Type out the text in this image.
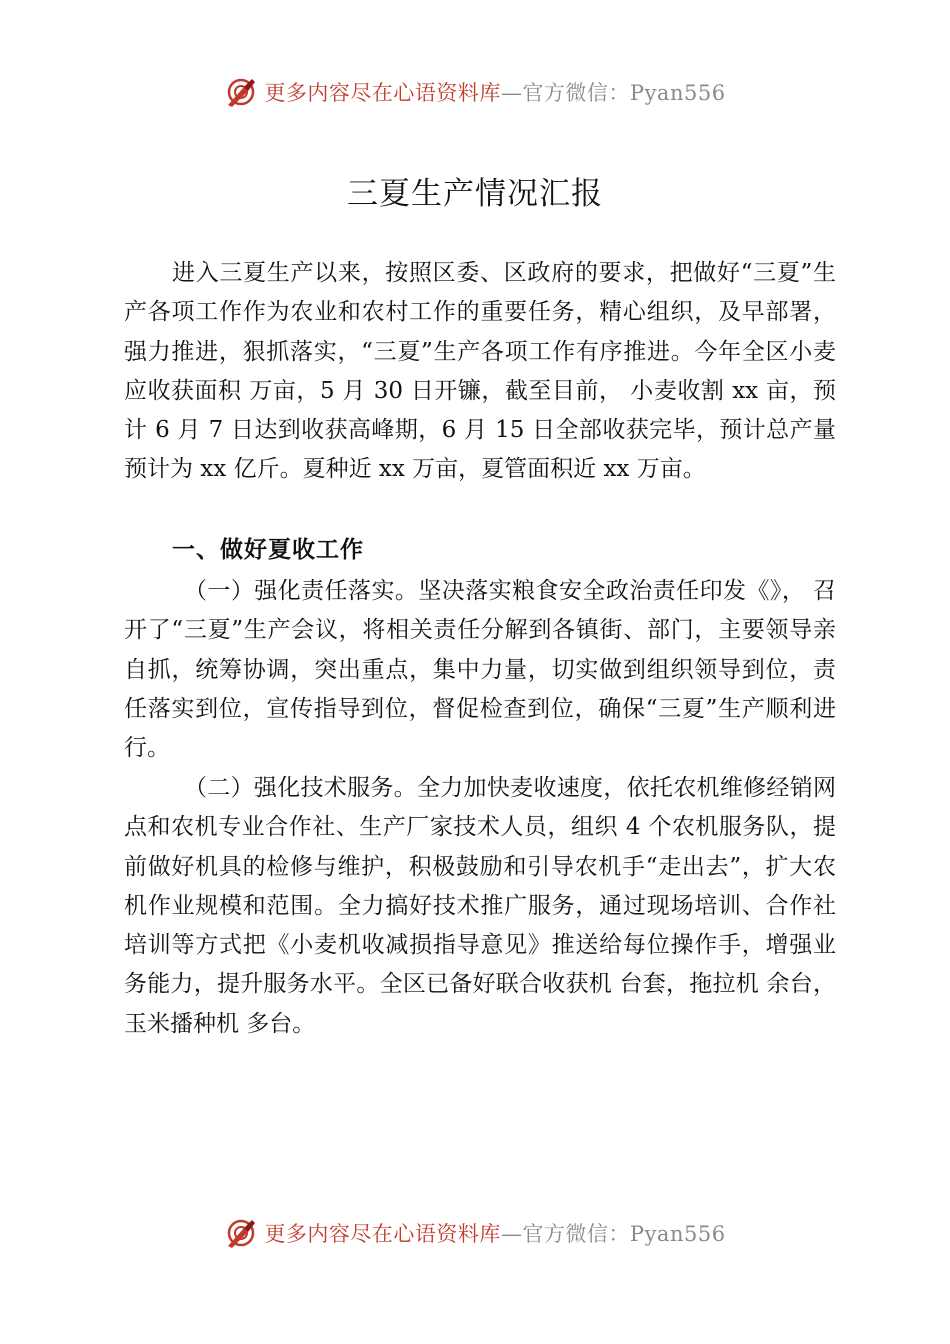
更多内容尽在心语资料库—官方微信：Pyan556
三夏生产情况汇报
进入三夏生产以来，按照区委、区政府的要求，把做好“三夏”生产各项工作作为农业和农村工作的重要任务，精心组织，及早部署，强力推进，狠抓落实，“三夏”生产各项工作有序推进。今年全区小麦应收获面积 万亩，5 月 30 日开镰，截至目前， 小麦收割 xx 亩，预计 6 月 7 日达到收获高峰期，6 月 15 日全部收获完毕，预计总产量预计为 xx 亿斤。夏种近 xx 万亩，夏管面积近 xx 万亩。
一、做好夏收工作
（一）强化责任落实。坚决落实粮食安全政治责任印发《》， 召开了“三夏”生产会议，将相关责任分解到各镇街、部门，主要领导亲自抓，统筹协调，突出重点，集中力量，切实做到组织领导到位，责任落实到位，宣传指导到位，督促检查到位，确保“三夏”生产顺利进行。
（二）强化技术服务。全力加快麦收速度，依托农机维修经销网点和农机专业合作社、生产厂家技术人员，组织 4 个农机服务队，提前做好机具的检修与维护，积极鼓励和引导农机手“走出去”，扩大农机作业规模和范围。全力搞好技术推广服务，通过现场培训、合作社培训等方式把《小麦机收减损指导意见》推送给每位操作手，增强业务能力，提升服务水平。全区已备好联合收获机 台套，拖拉机 余台，玉米播种机 多台。
更多内容尽在心语资料库—官方微信：Pyan556
